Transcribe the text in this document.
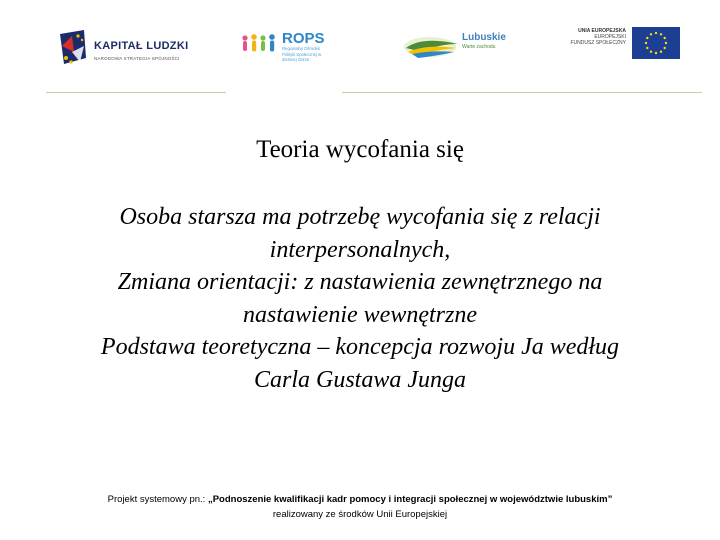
KAPITAŁ LUDZKI
NARODOWA STRATEGIA SPÓJNOŚCI
ROPS
Regionalny Ośrodek Polityki Społecznej w Zielonej Górze
Lubuskie
Warte zachodu
UNIA EUROPEJSKA
EUROPEJSKI
FUNDUSZ SPOŁECZNY
Teoria wycofania się
Osoba starsza ma potrzebę wycofania się z relacji
interpersonalnych,
Zmiana orientacji: z nastawienia zewnętrznego na
nastawienie wewnętrzne
Podstawa teoretyczna – koncepcja rozwoju Ja według
Carla Gustawa Junga
Projekt systemowy pn.: „Podnoszenie kwalifikacji kadr pomocy i integracji społecznej w województwie lubuskim”
realizowany ze środków Unii Europejskiej
